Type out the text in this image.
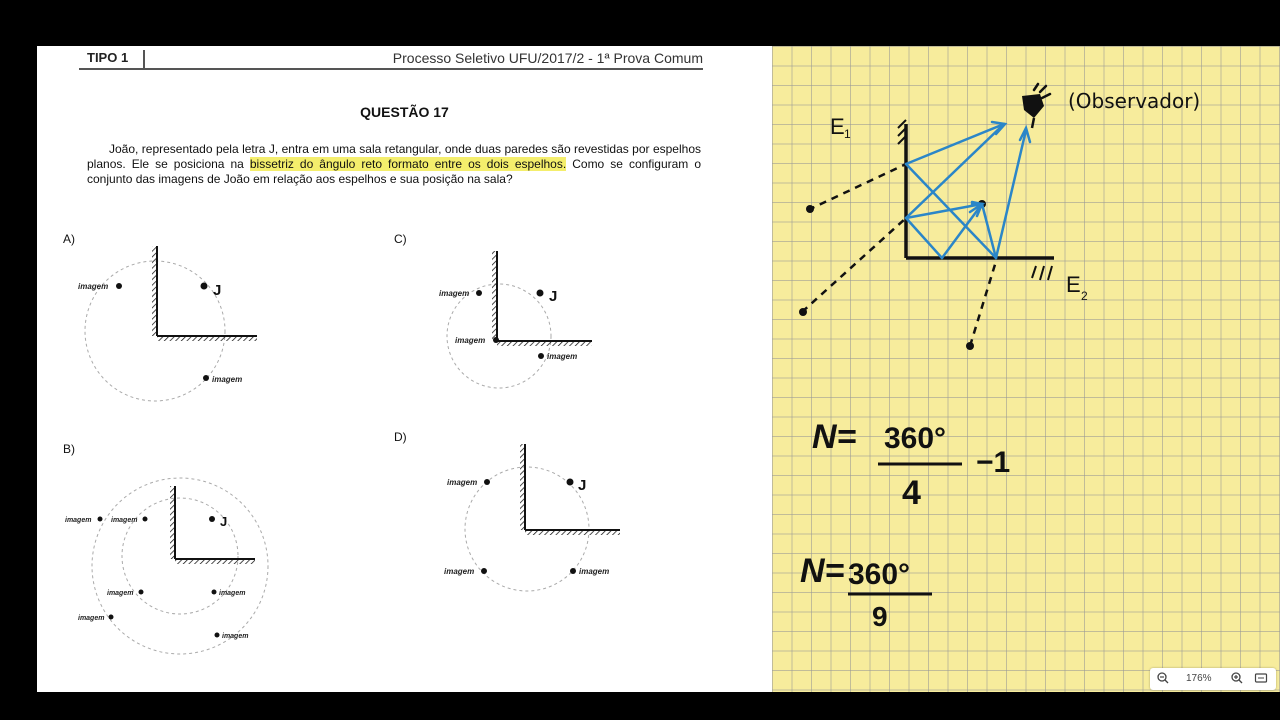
TIPO 1	Processo Seletivo UFU/2017/2 - 1ª Prova Comum
QUESTÃO 17
João, representado pela letra J, entra em uma sala retangular, onde duas paredes são revestidas por espelhos planos. Ele se posiciona na bissetriz do ângulo reto formato entre os dois espelhos. Como se configuram o conjunto das imagens de João em relação aos espelhos e sua posição na sala?
A)
J
imagem
imagem
B)
J
imagem
imagem
imagem	imagem
imagem
imagem
C)
J
imagem
imagem
imagem
D)
J
imagem
imagem	imagem
(Observador)
E 1
E 2
N= 360°
4
−1
N= 360°
9
176%
